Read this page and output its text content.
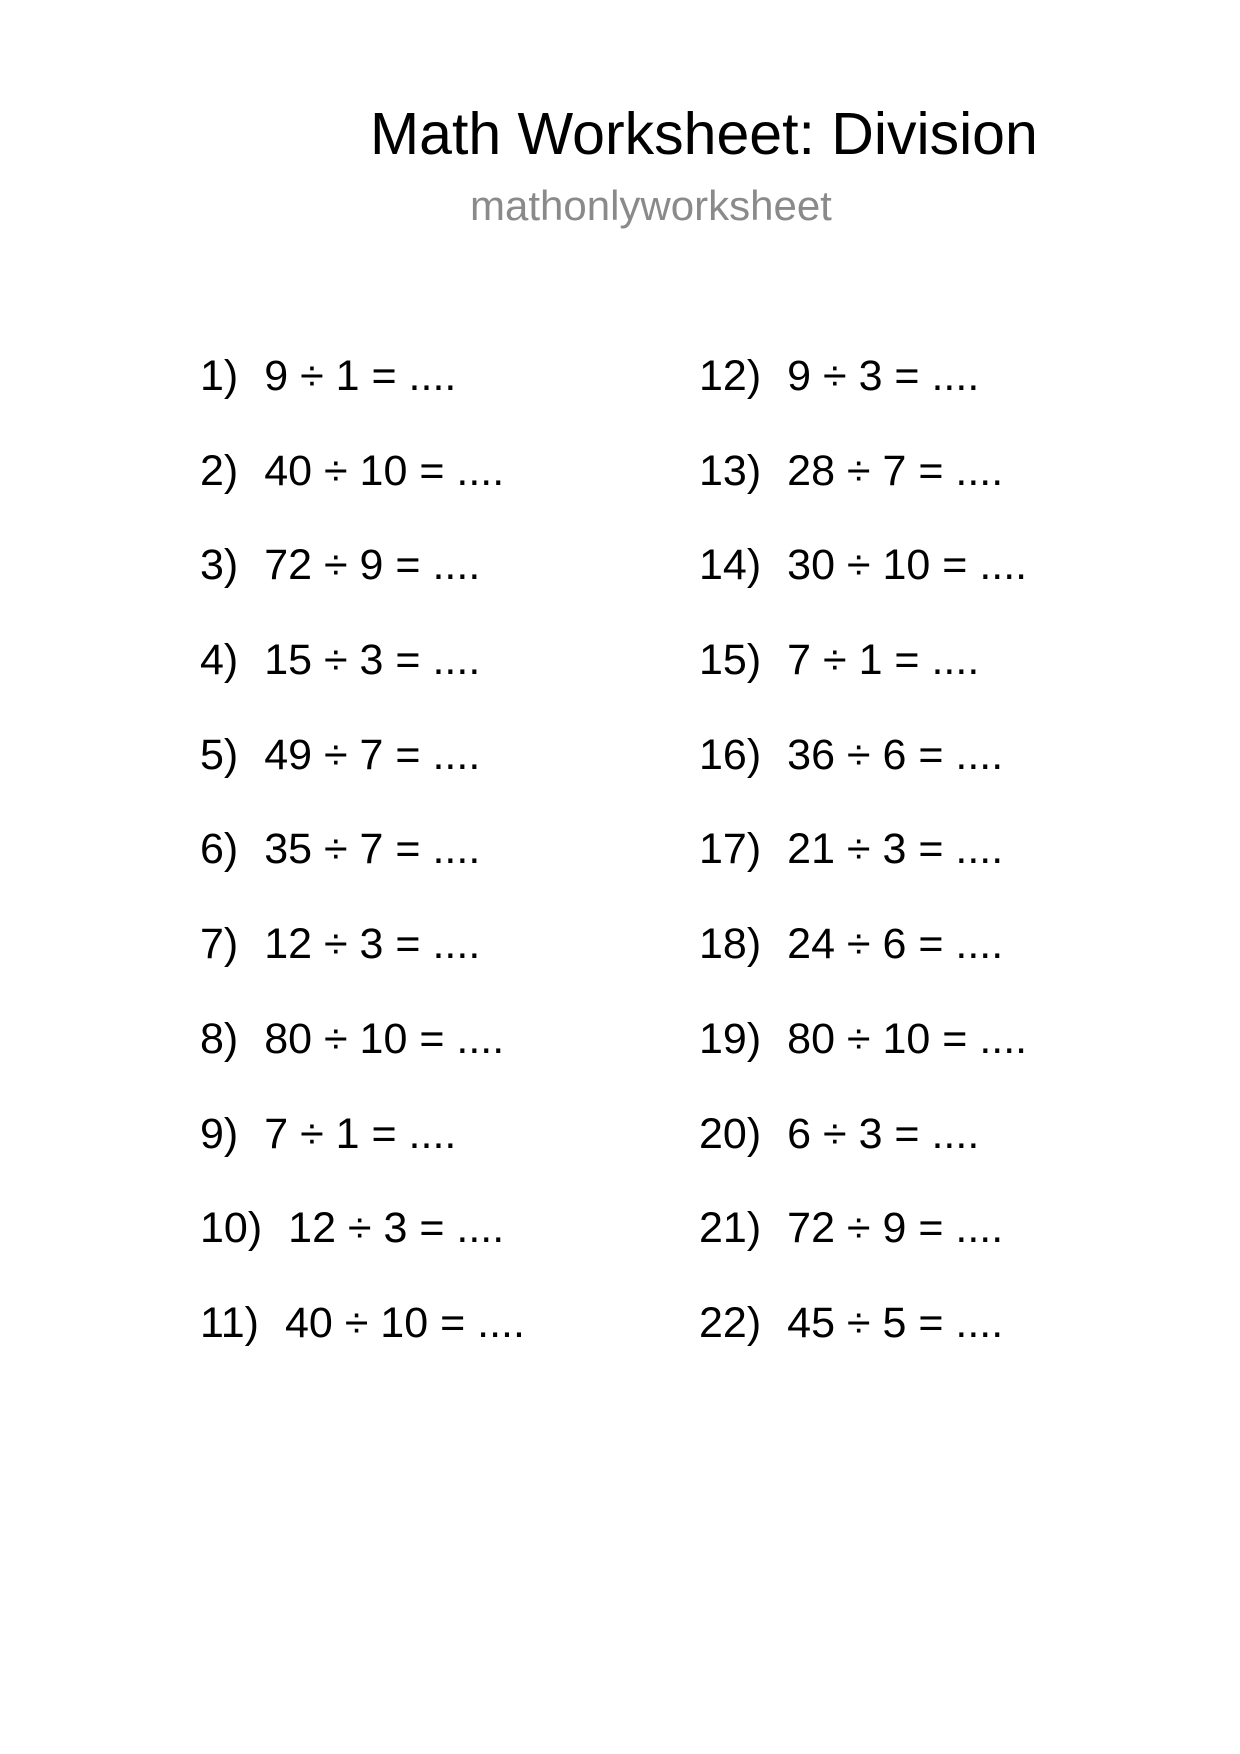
Math Worksheet: Division
mathonlyworksheet
1) 9 ÷ 1 = ....
2) 40 ÷ 10 = ....
3) 72 ÷ 9 = ....
4) 15 ÷ 3 = ....
5) 49 ÷ 7 = ....
6) 35 ÷ 7 = ....
7) 12 ÷ 3 = ....
8) 80 ÷ 10 = ....
9) 7 ÷ 1 = ....
10) 12 ÷ 3 = ....
11) 40 ÷ 10 = ....
12) 9 ÷ 3 = ....
13) 28 ÷ 7 = ....
14) 30 ÷ 10 = ....
15) 7 ÷ 1 = ....
16) 36 ÷ 6 = ....
17) 21 ÷ 3 = ....
18) 24 ÷ 6 = ....
19) 80 ÷ 10 = ....
20) 6 ÷ 3 = ....
21) 72 ÷ 9 = ....
22) 45 ÷ 5 = ....
